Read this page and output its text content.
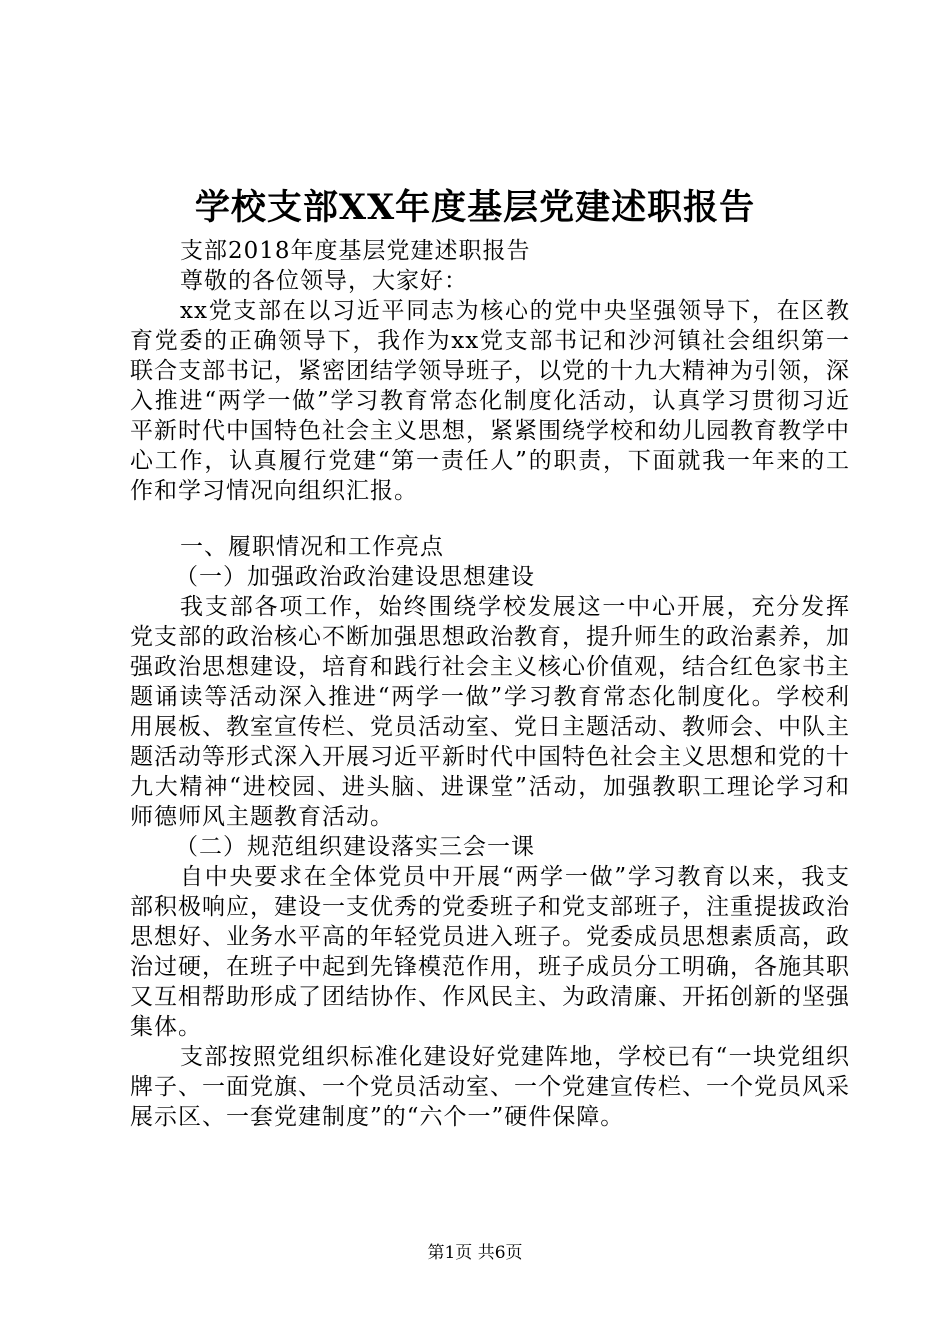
学校支部XX年度基层党建述职报告

支部2018年度基层党建述职报告

尊敬的各位领导，大家好：

xx党支部在以习近平同志为核心的党中央坚强领导下，在区教育党委的正确领导下，我作为xx党支部书记和沙河镇社会组织第一联合支部书记，紧密团结学领导班子，以党的十九大精神为引领，深入推进“两学一做”学习教育常态化制度化活动，认真学习贯彻习近平新时代中国特色社会主义思想，紧紧围绕学校和幼儿园教育教学中心工作，认真履行党建“第一责任人”的职责，下面就我一年来的工作和学习情况向组织汇报。

一、履职情况和工作亮点

（一）加强政治政治建设思想建设

我支部各项工作，始终围绕学校发展这一中心开展，充分发挥党支部的政治核心不断加强思想政治教育，提升师生的政治素养，加强政治思想建设，培育和践行社会主义核心价值观，结合红色家书主题诵读等活动深入推进“两学一做”学习教育常态化制度化。学校利用展板、教室宣传栏、党员活动室、党日主题活动、教师会、中队主题活动等形式深入开展习近平新时代中国特色社会主义思想和党的十九大精神“进校园、进头脑、进课堂”活动，加强教职工理论学习和师德师风主题教育活动。

（二）规范组织建设落实三会一课

自中央要求在全体党员中开展“两学一做”学习教育以来，我支部积极响应，建设一支优秀的党委班子和党支部班子，注重提拔政治思想好、业务水平高的年轻党员进入班子。党委成员思想素质高，政治过硬，在班子中起到先锋模范作用，班子成员分工明确，各施其职又互相帮助形成了团结协作、作风民主、为政清廉、开拓创新的坚强集体。

支部按照党组织标准化建设好党建阵地，学校已有“一块党组织牌子、一面党旗、一个党员活动室、一个党建宣传栏、一个党员风采展示区、一套党建制度”的“六个一”硬件保障。

第1页 共6页
